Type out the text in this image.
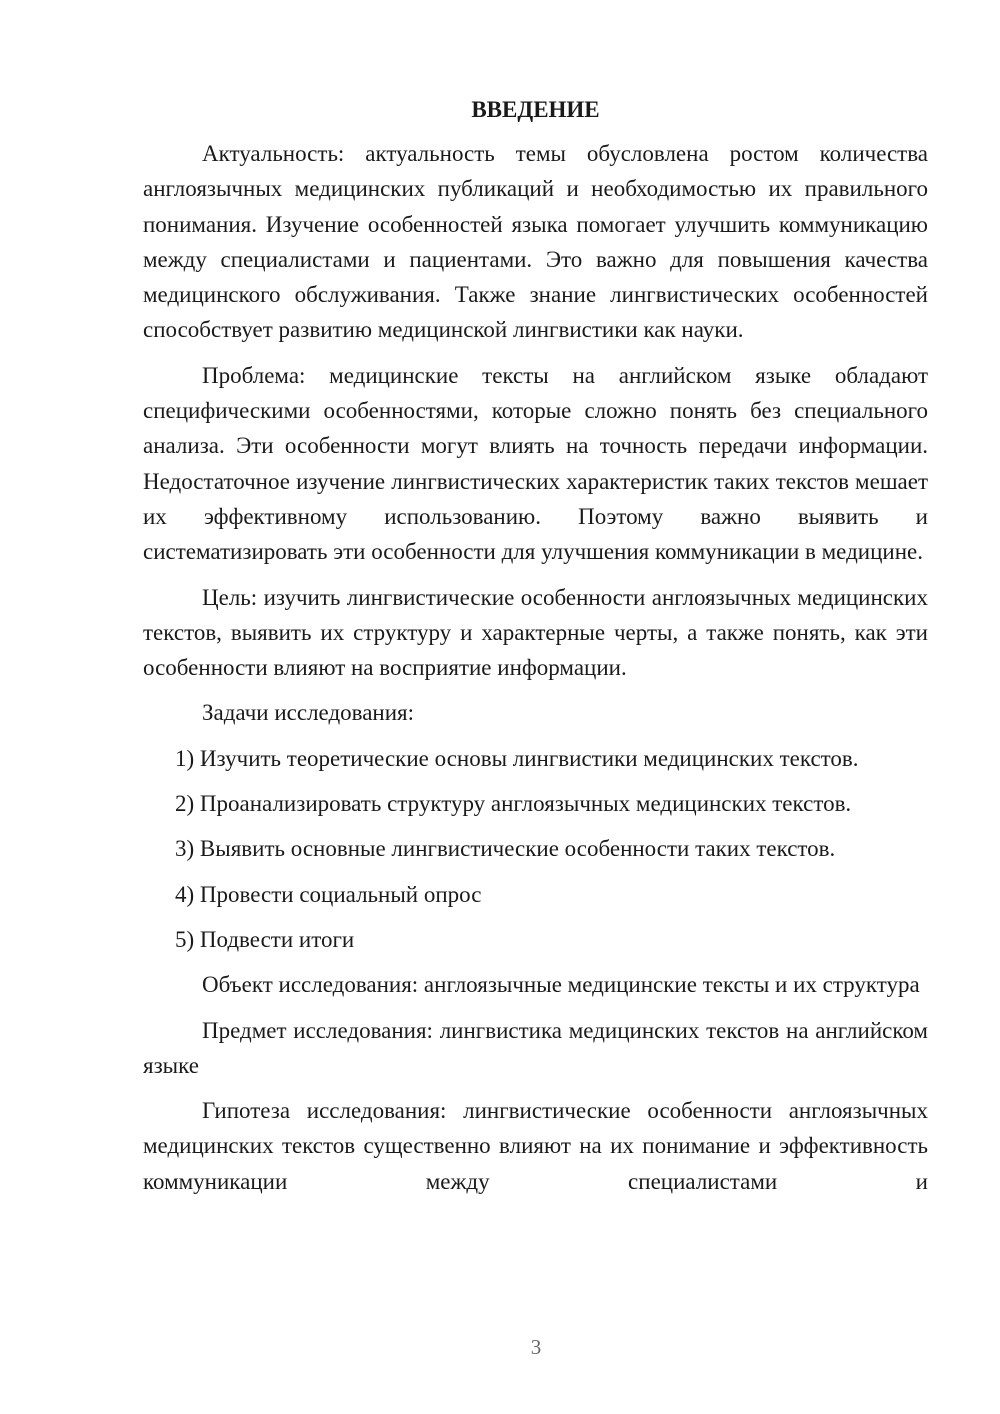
ВВЕДЕНИЕ

Актуальность: актуальность темы обусловлена ростом количества англоязычных медицинских публикаций и необходимостью их правильного понимания. Изучение особенностей языка помогает улучшить коммуникацию между специалистами и пациентами. Это важно для повышения качества медицинского обслуживания. Также знание лингвистических особенностей способствует развитию медицинской лингвистики как науки.

Проблема: медицинские тексты на английском языке обладают специфическими особенностями, которые сложно понять без специального анализа. Эти особенности могут влиять на точность передачи информации. Недостаточное изучение лингвистических характеристик таких текстов мешает их эффективному использованию. Поэтому важно выявить и систематизировать эти особенности для улучшения коммуникации в медицине.

Цель: изучить лингвистические особенности англоязычных медицинских текстов, выявить их структуру и характерные черты, а также понять, как эти особенности влияют на восприятие информации.

Задачи исследования:

1) Изучить теоретические основы лингвистики медицинских текстов.

2) Проанализировать структуру англоязычных медицинских текстов.

3) Выявить основные лингвистические особенности таких текстов.

4) Провести социальный опрос

5) Подвести итоги

Объект исследования: англоязычные медицинские тексты и их структура

Предмет исследования: лингвистика медицинских текстов на английском языке

Гипотеза исследования: лингвистические особенности англоязычных медицинских текстов существенно влияют на их понимание и эффективность коммуникации между специалистами и

3
